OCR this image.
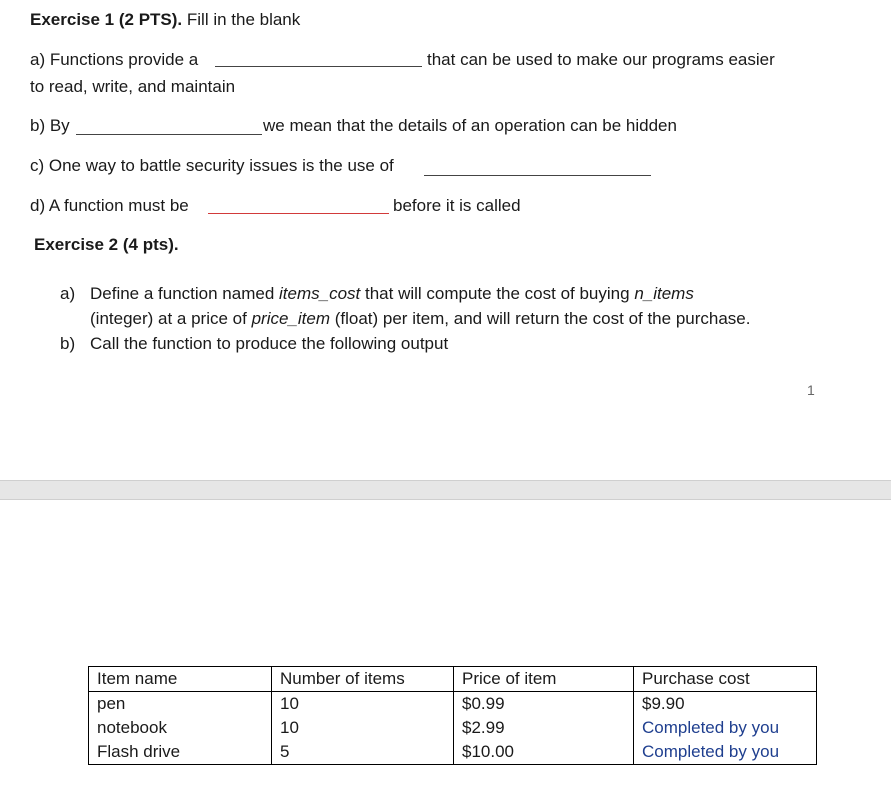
Exercise 1 (2 PTS). Fill in the blank
a) Functions provide a	that can be used to make our programs easier
to read, write, and maintain
b) By	we mean that the details of an operation can be hidden
c) One way to battle security issues is the use of
d) A function must be	before it is called
Exercise 2 (4 pts).
a) Define a function named items_cost that will compute the cost of buying n_items
(integer) at a price of price_item (float) per item, and will return the cost of the purchase.
b) Call the function to produce the following output
1
Item name	Number of items	Price of item	Purchase cost
pen	10	$0.99	$9.90
notebook	10	$2.99	Completed by you
Flash drive	5	$10.00	Completed by you
